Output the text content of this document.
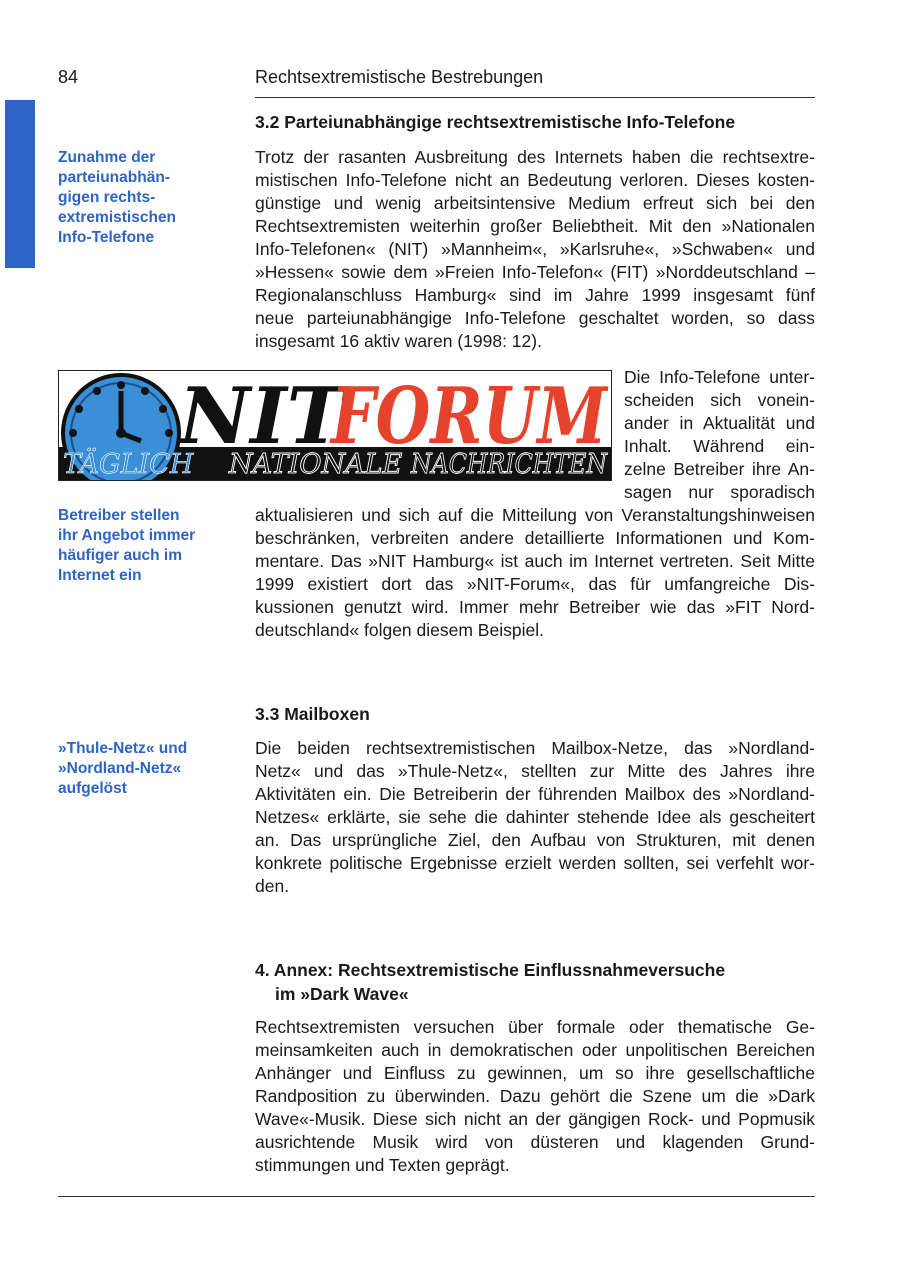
84	Rechtsextremistische Bestrebungen
3.2 Parteiunabhängige rechtsextremistische Info-Telefone
Zunahme der
parteiunabhän-
gigen rechts-
extremistischen
Info-Telefone
Trotz der rasanten Ausbreitung des Internets haben die rechtsextre-
mistischen Info-Telefone nicht an Bedeutung verloren. Dieses kosten-
günstige und wenig arbeitsintensive Medium erfreut sich bei den
Rechtsextremisten weiterhin großer Beliebtheit. Mit den »Nationalen
Info-Telefonen« (NIT) »Mannheim«, »Karlsruhe«, »Schwaben« und
»Hessen« sowie dem »Freien Info-Telefon« (FIT) »Norddeutschland –
Regionalanschluss Hamburg« sind im Jahre 1999 insgesamt fünf
neue parteiunabhängige Info-Telefone geschaltet worden, so dass
insgesamt 16 aktiv waren (1998: 12).
NIT
FORUM
TÄGLICH NATIONALE NACHRICHTEN
Die Info-Telefone unter-
scheiden sich vonein-
ander in Aktualität und
Inhalt. Während ein-
zelne Betreiber ihre An-
sagen nur sporadisch
Betreiber stellen
ihr Angebot immer
häufiger auch im
Internet ein
aktualisieren und sich auf die Mitteilung von Veranstaltungshinweisen
beschränken, verbreiten andere detaillierte Informationen und Kom-
mentare. Das »NIT Hamburg« ist auch im Internet vertreten. Seit Mitte
1999 existiert dort das »NIT-Forum«, das für umfangreiche Dis-
kussionen genutzt wird. Immer mehr Betreiber wie das »FIT Nord-
deutschland« folgen diesem Beispiel.
3.3 Mailboxen
»Thule-Netz« und
»Nordland-Netz«
aufgelöst
Die beiden rechtsextremistischen Mailbox-Netze, das »Nordland-
Netz« und das »Thule-Netz«, stellten zur Mitte des Jahres ihre
Aktivitäten ein. Die Betreiberin der führenden Mailbox des »Nordland-
Netzes« erklärte, sie sehe die dahinter stehende Idee als gescheitert
an. Das ursprüngliche Ziel, den Aufbau von Strukturen, mit denen
konkrete politische Ergebnisse erzielt werden sollten, sei verfehlt wor-
den.
4. Annex: Rechtsextremistische Einflussnahmeversuche
im »Dark Wave«
Rechtsextremisten versuchen über formale oder thematische Ge-
meinsamkeiten auch in demokratischen oder unpolitischen Bereichen
Anhänger und Einfluss zu gewinnen, um so ihre gesellschaftliche
Randposition zu überwinden. Dazu gehört die Szene um die »Dark
Wave«-Musik. Diese sich nicht an der gängigen Rock- und Popmusik
ausrichtende Musik wird von düsteren und klagenden Grund-
stimmungen und Texten geprägt.
